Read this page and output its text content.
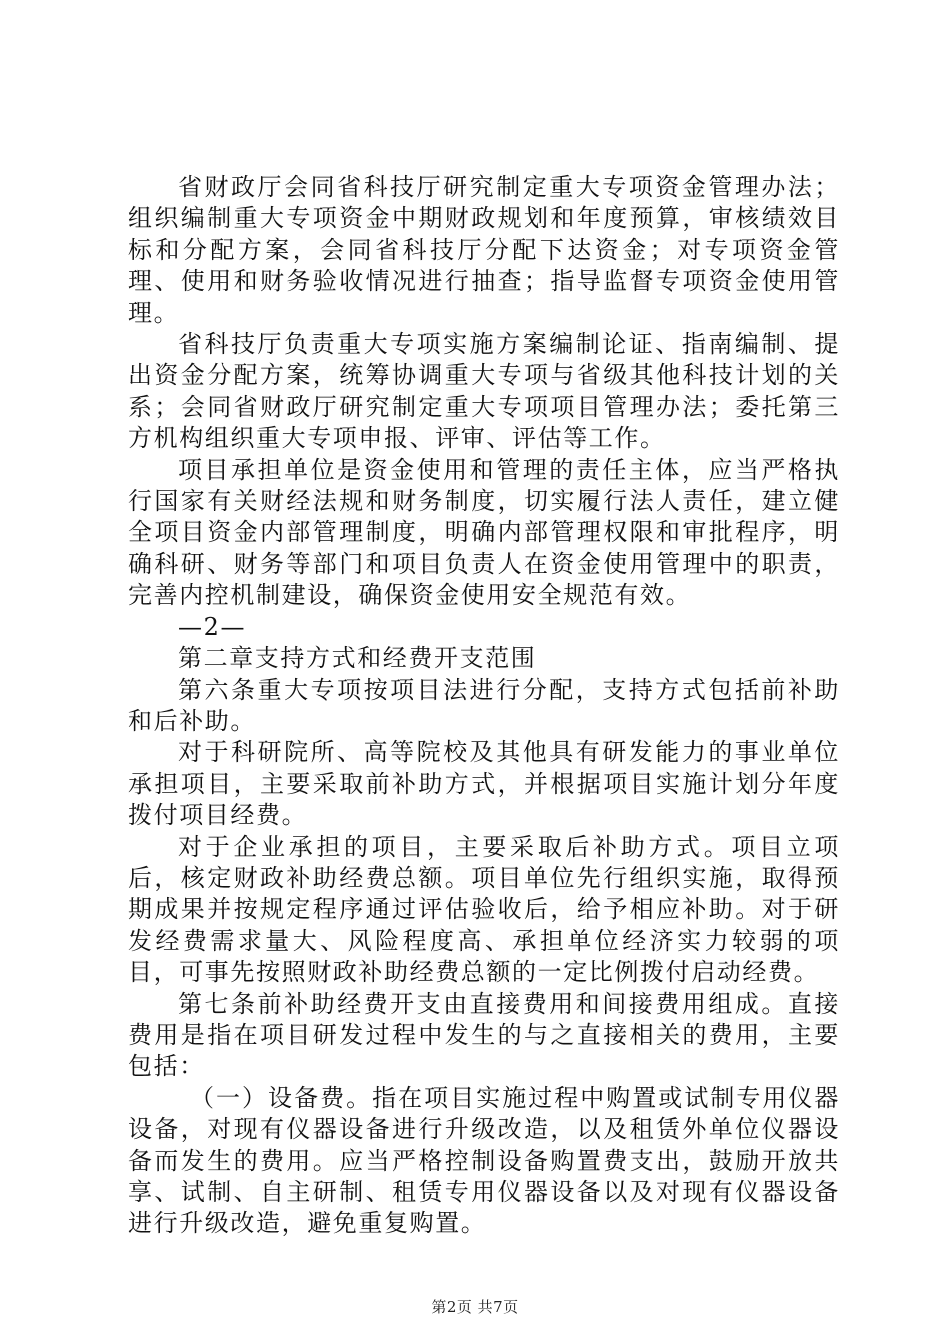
省财政厅会同省科技厅研究制定重大专项资金管理办法；组织编制重大专项资金中期财政规划和年度预算，审核绩效目标和分配方案，会同省科技厅分配下达资金；对专项资金管理、使用和财务验收情况进行抽查；指导监督专项资金使用管理。

省科技厅负责重大专项实施方案编制论证、指南编制、提出资金分配方案，统筹协调重大专项与省级其他科技计划的关系；会同省财政厅研究制定重大专项项目管理办法；委托第三方机构组织重大专项申报、评审、评估等工作。

项目承担单位是资金使用和管理的责任主体，应当严格执行国家有关财经法规和财务制度，切实履行法人责任，建立健全项目资金内部管理制度，明确内部管理权限和审批程序，明确科研、财务等部门和项目负责人在资金使用管理中的职责，完善内控机制建设，确保资金使用安全规范有效。

—2—

第二章支持方式和经费开支范围

第六条重大专项按项目法进行分配，支持方式包括前补助和后补助。

对于科研院所、高等院校及其他具有研发能力的事业单位承担项目，主要采取前补助方式，并根据项目实施计划分年度拨付项目经费。

对于企业承担的项目，主要采取后补助方式。项目立项后，核定财政补助经费总额。项目单位先行组织实施，取得预期成果并按规定程序通过评估验收后，给予相应补助。对于研发经费需求量大、风险程度高、承担单位经济实力较弱的项目，可事先按照财政补助经费总额的一定比例拨付启动经费。

第七条前补助经费开支由直接费用和间接费用组成。直接费用是指在项目研发过程中发生的与之直接相关的费用，主要包括：

（一）设备费。指在项目实施过程中购置或试制专用仪器设备，对现有仪器设备进行升级改造，以及租赁外单位仪器设备而发生的费用。应当严格控制设备购置费支出，鼓励开放共享、试制、自主研制、租赁专用仪器设备以及对现有仪器设备进行升级改造，避免重复购置。

第2页 共7页
